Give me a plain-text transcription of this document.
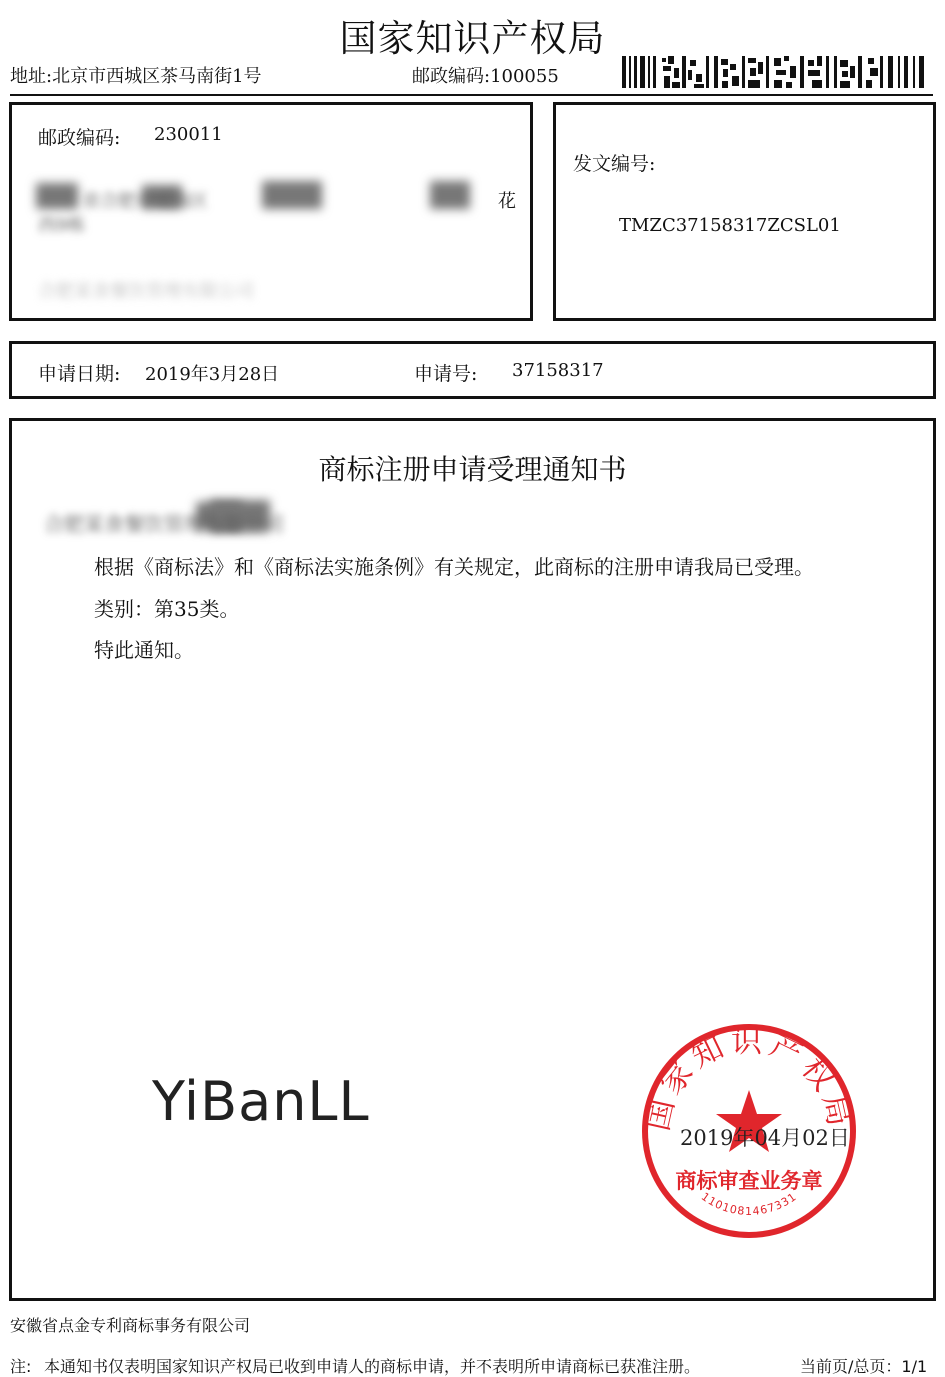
国家知识产权局
地址:北京市西城区茶马南街1号	邮政编码:100055
邮政编码: 230011
省合肥市瑶海区	花
西9栋
合肥某食餐饮管理有限公司
发文编号:
TMZC37158317ZCSL01
申请日期: 2019年3月28日	申请号: 37158317
商标注册申请受理通知书
合肥某食餐饮管理有限公司
根据《商标法》和《商标法实施条例》有关规定，此商标的注册申请我局已受理。
类别：第35类。
特此通知。
YiBanLL	国家知识产权局
商标审查业务章
1101081467331
2019年04月02日
安徽省点金专利商标事务有限公司
注: 本通知书仅表明国家知识产权局已收到申请人的商标申请，并不表明所申请商标已获准注册。	当前页/总页：1/1
